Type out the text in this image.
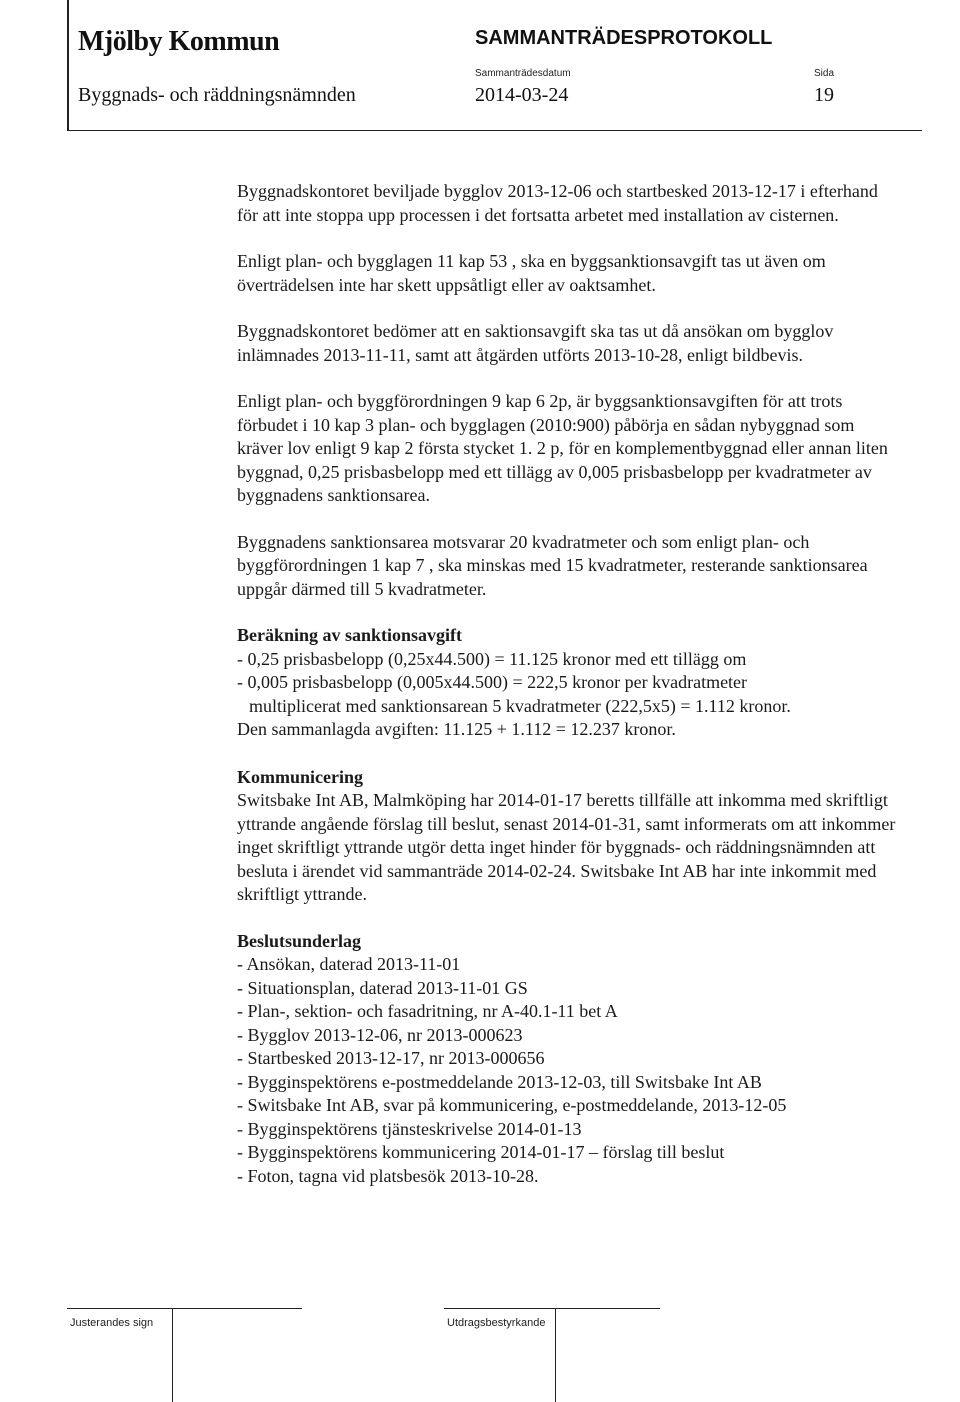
Mjölby Kommun	SAMMANTRÄDESPROTOKOLL
Sammanträdesdatum	Sida
Byggnads- och räddningsnämnden	2014-03-24	19

Byggnadskontoret beviljade bygglov 2013-12-06 och startbesked 2013-12-17 i efterhand för att inte stoppa upp processen i det fortsatta arbetet med installation av cisternen.

Enligt plan- och bygglagen 11 kap 53 , ska en byggsanktionsavgift tas ut även om överträdelsen inte har skett uppsåtligt eller av oaktsamhet.

Byggnadskontoret bedömer att en saktionsavgift ska tas ut då ansökan om bygglov inlämnades 2013-11-11, samt att åtgärden utförts 2013-10-28, enligt bildbevis.

Enligt plan- och byggförordningen 9 kap 6 2p, är byggsanktionsavgiften för att trots förbudet i 10 kap 3 plan- och bygglagen (2010:900) påbörja en sådan nybyggnad som kräver lov enligt 9 kap 2 första stycket 1. 2 p, för en komplementbyggnad eller annan liten byggnad, 0,25 prisbasbelopp med ett tillägg av 0,005 prisbasbelopp per kvadratmeter av byggnadens sanktionsarea.

Byggnadens sanktionsarea motsvarar 20 kvadratmeter och som enligt plan- och byggförordningen 1 kap 7 , ska minskas med 15 kvadratmeter, resterande sanktionsarea uppgår därmed till 5 kvadratmeter.

Beräkning av sanktionsavgift
- 0,25 prisbasbelopp (0,25x44.500) = 11.125 kronor med ett tillägg om
- 0,005 prisbasbelopp (0,005x44.500) = 222,5 kronor per kvadratmeter
multiplicerat med sanktionsarean 5 kvadratmeter (222,5x5) = 1.112 kronor.
Den sammanlagda avgiften: 11.125 + 1.112 = 12.237 kronor.
Kommunicering

Switsbake Int AB, Malmköping har 2014-01-17 beretts tillfälle att inkomma med skriftligt yttrande angående förslag till beslut, senast 2014-01-31, samt informerats om att inkommer inget skriftligt yttrande utgör detta inget hinder för byggnads- och räddningsnämnden att besluta i ärendet vid sammanträde 2014-02-24. Switsbake Int AB har inte inkommit med skriftligt yttrande.

Beslutsunderlag
- Ansökan, daterad 2013-11-01
- Situationsplan, daterad 2013-11-01 GS
- Plan-, sektion- och fasadritning, nr A-40.1-11 bet A
- Bygglov 2013-12-06, nr 2013-000623
- Startbesked 2013-12-17, nr 2013-000656
- Bygginspektörens e-postmeddelande 2013-12-03, till Switsbake Int AB
- Switsbake Int AB, svar på kommunicering, e-postmeddelande, 2013-12-05
- Bygginspektörens tjänsteskrivelse 2014-01-13
- Bygginspektörens kommunicering 2014-01-17 – förslag till beslut
- Foton, tagna vid platsbesök 2013-10-28.
Justerandes sign	Utdragsbestyrkande
